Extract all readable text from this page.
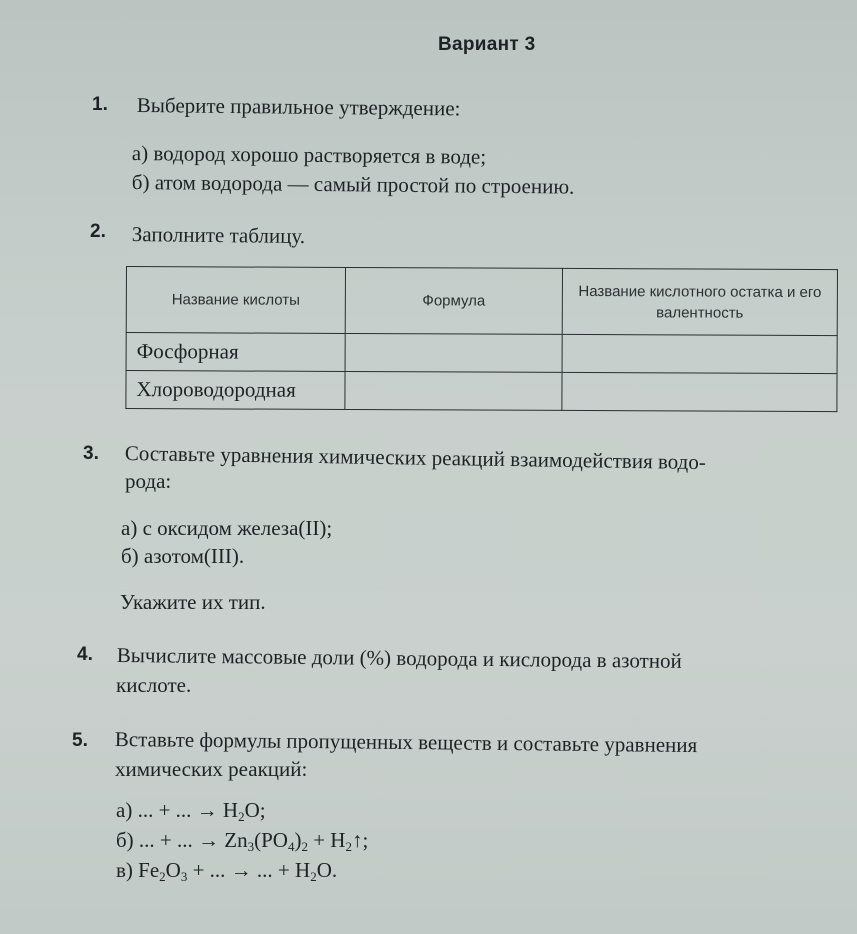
Вариант 3
1. Выберите правильное утверждение:
а) водород хорошо растворяется в воде;
б) атом водорода — самый простой по строению.
2. Заполните таблицу.
Название кислоты	Формула	Название кислотного остатка и его валентность
Фосфорная		
Хлороводородная		
3. Составьте уравнения химических реакций взаимодействия водо-
рода:
а) с оксидом железа(II);
б) азотом(III).
Укажите их тип.
4. Вычислите массовые доли (%) водорода и кислорода в азотной
кислоте.
5. Вставьте формулы пропущенных веществ и составьте уравнения
химических реакций:
а) ... + ... → $H_2O$;
б) ... + ... → $Zn_3(PO_4)_2$ + $H_2↑$;
в) $Fe_2O_3$ + ... → ... + $H_2O$.
